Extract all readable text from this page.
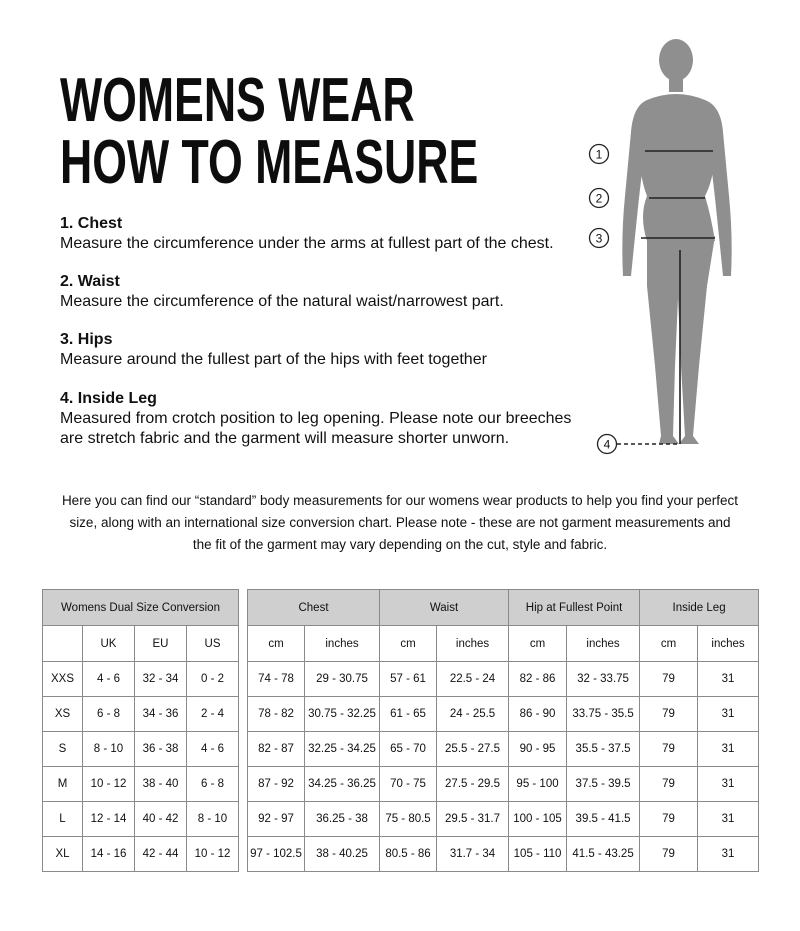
WOMENS WEAR
HOW TO MEASURE
1. Chest
Measure the circumference under the arms at fullest part of the chest.
2. Waist
Measure the circumference of the natural waist/narrowest part.
3. Hips
Measure around the fullest part of the hips with feet together
4. Inside Leg
Measured from crotch position to leg opening. Please note our breeches are stretch fabric and the garment will measure shorter unworn.
1
2
3
4
Here you can find our “standard” body measurements for our womens wear products to help you find your perfect size, along with an international size conversion chart. Please note - these are not garment measurements and the fit of the garment may vary depending on the cut, style and fabric.
Womens Dual Size Conversion			
	UK	EU	US
XXS	4 - 6	32 - 34	0 - 2
XS	6 - 8	34 - 36	2 - 4
S	8 - 10	36 - 38	4 - 6
M	10 - 12	38 - 40	6 - 8
L	12 - 14	40 - 42	8 - 10
XL	14 - 16	42 - 44	10 - 12
Chest		Waist		Hip at Fullest Point		Inside Leg	
cm	inches	cm	inches	cm	inches	cm	inches
74 - 78	29 - 30.75	57 - 61	22.5 - 24	82 - 86	32 - 33.75	79	31
78 - 82	30.75 - 32.25	61 - 65	24 - 25.5	86 - 90	33.75 - 35.5	79	31
82 - 87	32.25 - 34.25	65 - 70	25.5 - 27.5	90 - 95	35.5 - 37.5	79	31
87 - 92	34.25 - 36.25	70 - 75	27.5 - 29.5	95 - 100	37.5 - 39.5	79	31
92 - 97	36.25 - 38	75 - 80.5	29.5 - 31.7	100 - 105	39.5 - 41.5	79	31
97 - 102.5	38 - 40.25	80.5 - 86	31.7 - 34	105 - 110	41.5 - 43.25	79	31
